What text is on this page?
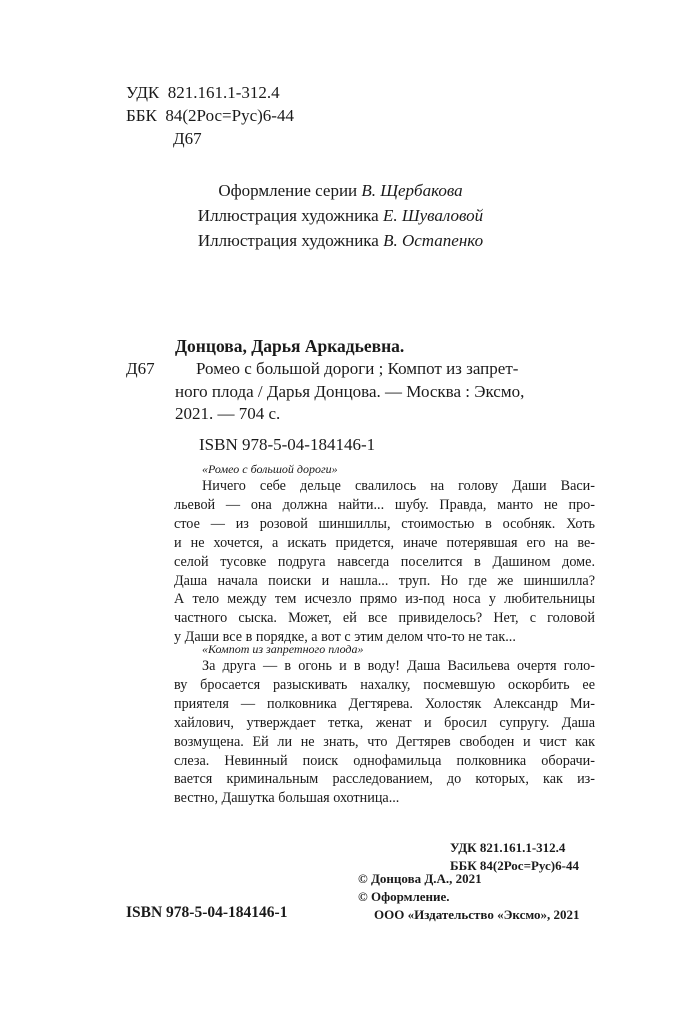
УДК 821.161.1-312.4
ББК 84(2Рос=Рус)6-44
Д67
Оформление серии В. Щербакова
Иллюстрация художника Е. Шуваловой
Иллюстрация художника В. Остапенко
Донцова, Дарья Аркадьевна.
Д67 Ромео с большой дороги ; Компот из запрет-
ного плода / Дарья Донцова. — Москва : Эксмо,
2021. — 704 с.
ISBN 978-5-04-184146-1
«Ромео с большой дороги»
Ничего себе дельце свалилось на голову Даши Васи-
льевой — она должна найти... шубу. Правда, манто не про-
стое — из розовой шиншиллы, стоимостью в особняк. Хоть
и не хочется, а искать придется, иначе потерявшая его на ве-
селой тусовке подруга навсегда поселится в Дашином доме.
Даша начала поиски и нашла... труп. Но где же шиншилла?
А тело между тем исчезло прямо из-под носа у любительницы
частного сыска. Может, ей все привиделось? Нет, с головой
у Даши все в порядке, а вот с этим делом что-то не так...
«Компот из запретного плода»
За друга — в огонь и в воду! Даша Васильева очертя голо-
ву бросается разыскивать нахалку, посмевшую оскорбить ее
приятеля — полковника Дегтярева. Холостяк Александр Ми-
хайлович, утверждает тетка, женат и бросил супругу. Даша
возмущена. Ей ли не знать, что Дегтярев свободен и чист как
слеза. Невинный поиск однофамильца полковника оборачи-
вается криминальным расследованием, до которых, как из-
вестно, Дашутка большая охотница...
УДК 821.161.1-312.4
ББК 84(2Рос=Рус)6-44
© Донцова Д.А., 2021
© Оформление.
ООО «Издательство «Эксмо», 2021
ISBN 978-5-04-184146-1
